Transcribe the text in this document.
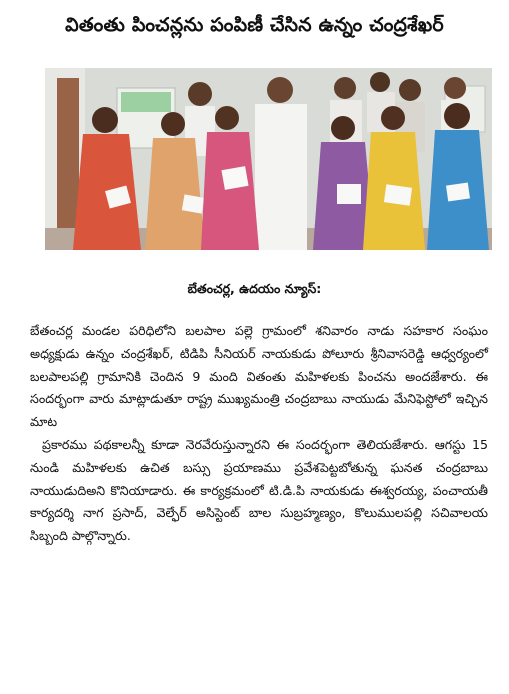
వితంతు పించన్లను పంపిణీ చేసిన ఉన్నం చంద్రశేఖర్
బేతంచర్ల, ఉదయం న్యూస్:

బేతంచర్ల మండల పరిధిలోని బలపాల పల్లె గ్రామంలో శనివారం నాడు సహకార సంఘం అధ్యక్షుడు ఉన్నం చంద్రశేఖర్, టిడిపి సీనియర్ నాయకుడు పోలూరు శ్రీనివాసరెడ్డి ఆధ్వర్యంలో బలపాలపల్లి గ్రామానికి చెందిన 9 మంది వితంతు మహిళలకు పించను అందజేశారు. ఈ సందర్భంగా వారు మాట్లాడుతూ రాష్ట్ర ముఖ్యమంత్రి చంద్రబాబు నాయుడు మేనిఫెస్టోలో ఇచ్చిన మాట

ప్రకారము పథకాలన్నీ కూడా నెరవేరుస్తున్నారని ఈ సందర్భంగా తెలియజేశారు. ఆగస్టు 15 నుండి మహిళలకు ఉచిత బస్సు ప్రయాణము ప్రవేశపెట్టబోతున్న ఘనత చంద్రబాబు నాయుడుదిఅని కొనియాడారు. ఈ కార్యక్రమంలో టి.డి.పి నాయకుడు ఈశ్వరయ్య, పంచాయతీ కార్యదర్శి నాగ ప్రసాద్, వెల్ఫేర్ అసిస్టెంట్ బాల సుబ్రహ్మణ్యం, కొలుములపల్లి సచివాలయ సిబ్బంది పాల్గొన్నారు.
